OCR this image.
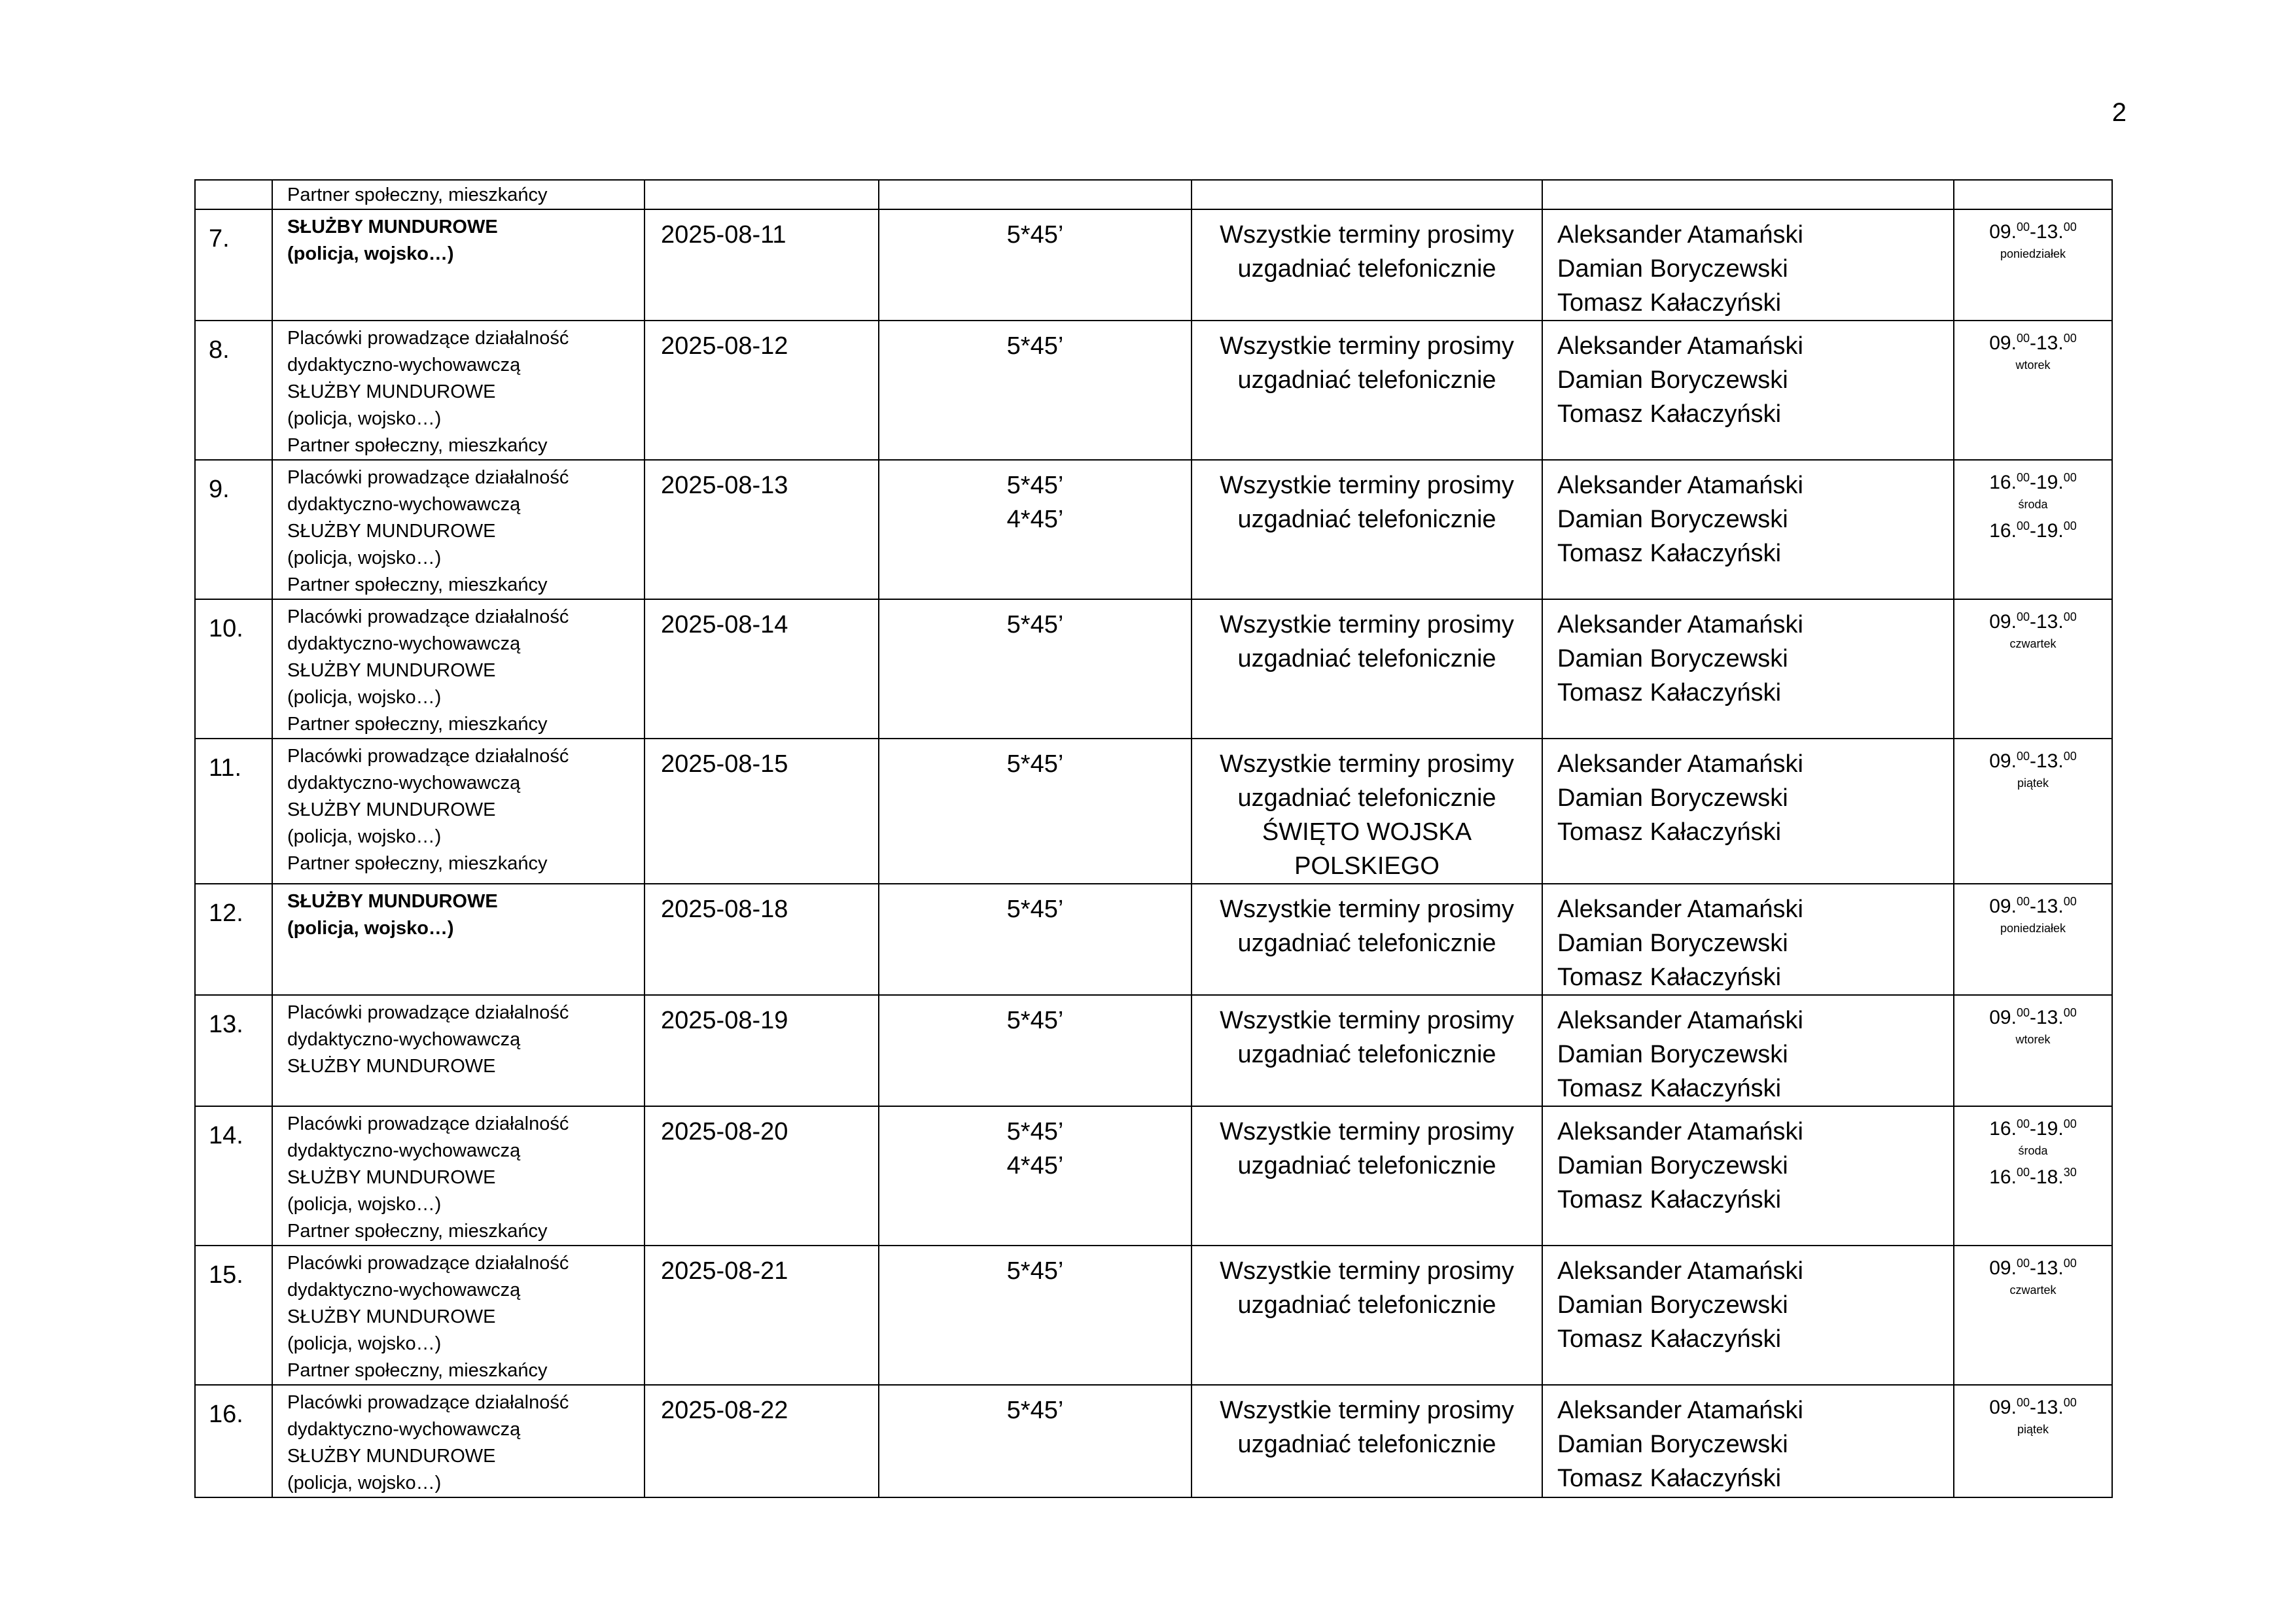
2
	Partner społeczny, mieszkańcy					
7.	SŁUŻBY MUNDUROWE
(policja, wojsko…)	2025-08-11	5*45’	Wszystkie terminy prosimy
uzgadniać telefonicznie	Aleksander Atamański
Damian Boryczewski
Tomasz Kałaczyński	09.00-13.00
poniedziałek

8.	Placówki prowadzące działalność
dydaktyczno-wychowawczą
SŁUŻBY MUNDUROWE
(policja, wojsko…)
Partner społeczny, mieszkańcy	2025-08-12	5*45’	Wszystkie terminy prosimy
uzgadniać telefonicznie	Aleksander Atamański
Damian Boryczewski
Tomasz Kałaczyński	09.00-13.00
wtorek

9.	Placówki prowadzące działalność
dydaktyczno-wychowawczą
SŁUŻBY MUNDUROWE
(policja, wojsko…)
Partner społeczny, mieszkańcy	2025-08-13	5*45’
4*45’	Wszystkie terminy prosimy
uzgadniać telefonicznie	Aleksander Atamański
Damian Boryczewski
Tomasz Kałaczyński	16.00-19.00
środa
16.00-19.00

10.	Placówki prowadzące działalność
dydaktyczno-wychowawczą
SŁUŻBY MUNDUROWE
(policja, wojsko…)
Partner społeczny, mieszkańcy	2025-08-14	5*45’	Wszystkie terminy prosimy
uzgadniać telefonicznie	Aleksander Atamański
Damian Boryczewski
Tomasz Kałaczyński	09.00-13.00
czwartek

11.	Placówki prowadzące działalność
dydaktyczno-wychowawczą
SŁUŻBY MUNDUROWE
(policja, wojsko…)
Partner społeczny, mieszkańcy	2025-08-15	5*45’	Wszystkie terminy prosimy
uzgadniać telefonicznie
ŚWIĘTO WOJSKA
POLSKIEGO	Aleksander Atamański
Damian Boryczewski
Tomasz Kałaczyński	09.00-13.00
piątek

12.	SŁUŻBY MUNDUROWE
(policja, wojsko…)	2025-08-18	5*45’	Wszystkie terminy prosimy
uzgadniać telefonicznie	Aleksander Atamański
Damian Boryczewski
Tomasz Kałaczyński	09.00-13.00
poniedziałek

13.	Placówki prowadzące działalność
dydaktyczno-wychowawczą
SŁUŻBY MUNDUROWE	2025-08-19	5*45’	Wszystkie terminy prosimy
uzgadniać telefonicznie	Aleksander Atamański
Damian Boryczewski
Tomasz Kałaczyński	09.00-13.00
wtorek

14.	Placówki prowadzące działalność
dydaktyczno-wychowawczą
SŁUŻBY MUNDUROWE
(policja, wojsko…)
Partner społeczny, mieszkańcy	2025-08-20	5*45’
4*45’	Wszystkie terminy prosimy
uzgadniać telefonicznie	Aleksander Atamański
Damian Boryczewski
Tomasz Kałaczyński	16.00-19.00
środa
16.00-18.30

15.	Placówki prowadzące działalność
dydaktyczno-wychowawczą
SŁUŻBY MUNDUROWE
(policja, wojsko…)
Partner społeczny, mieszkańcy	2025-08-21	5*45’	Wszystkie terminy prosimy
uzgadniać telefonicznie	Aleksander Atamański
Damian Boryczewski
Tomasz Kałaczyński	09.00-13.00
czwartek

16.	Placówki prowadzące działalność
dydaktyczno-wychowawczą
SŁUŻBY MUNDUROWE
(policja, wojsko…)	2025-08-22	5*45’	Wszystkie terminy prosimy
uzgadniać telefonicznie	Aleksander Atamański
Damian Boryczewski
Tomasz Kałaczyński	09.00-13.00
piątek
